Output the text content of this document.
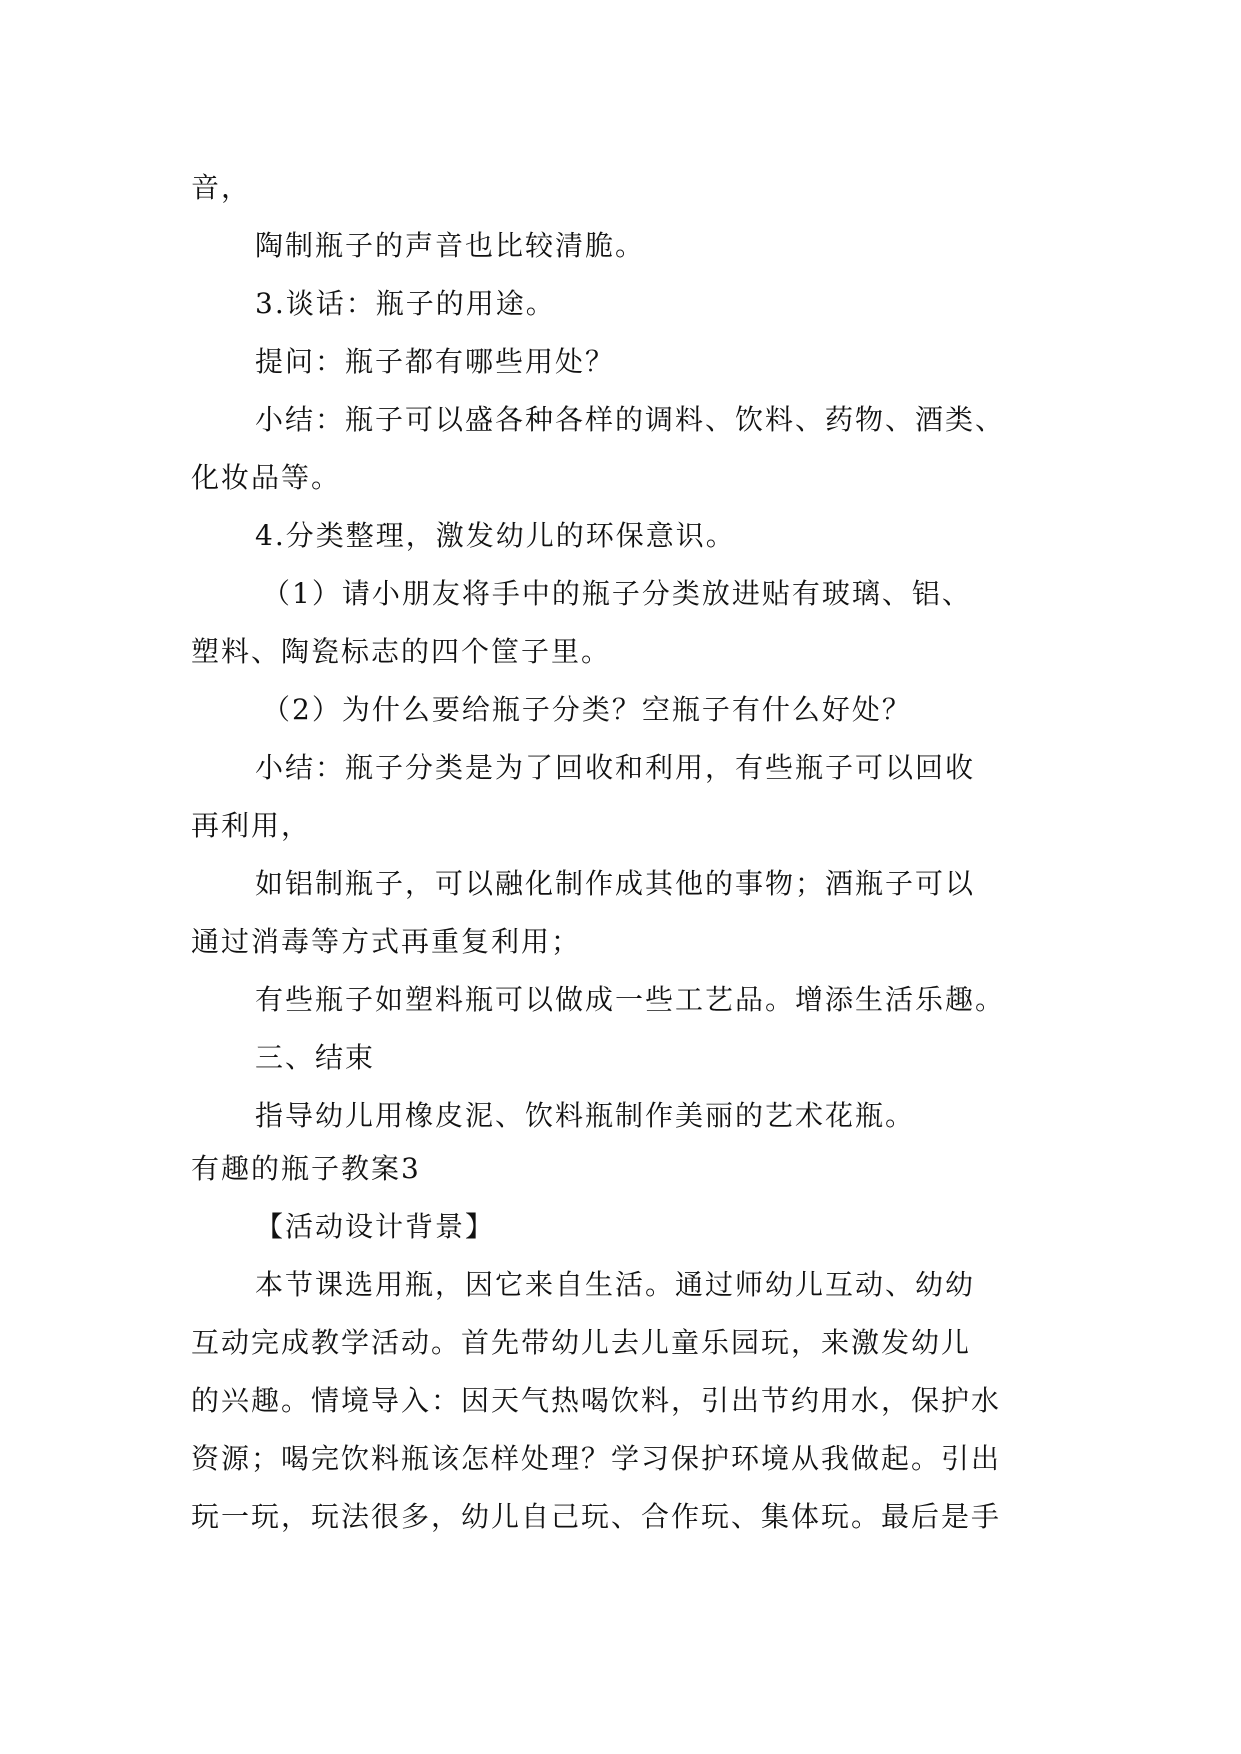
音，
陶制瓶子的声音也比较清脆。
3.谈话：瓶子的用途。
提问：瓶子都有哪些用处？
小结：瓶子可以盛各种各样的调料、饮料、药物、酒类、
化妆品等。
4.分类整理，激发幼儿的环保意识。
（1）请小朋友将手中的瓶子分类放进贴有玻璃、铝、
塑料、陶瓷标志的四个筐子里。
（2）为什么要给瓶子分类？空瓶子有什么好处？
小结：瓶子分类是为了回收和利用，有些瓶子可以回收
再利用，
如铝制瓶子，可以融化制作成其他的事物；酒瓶子可以
通过消毒等方式再重复利用；
有些瓶子如塑料瓶可以做成一些工艺品。增添生活乐趣。
三、结束
指导幼儿用橡皮泥、饮料瓶制作美丽的艺术花瓶。
有趣的瓶子教案3
【活动设计背景】
本节课选用瓶，因它来自生活。通过师幼儿互动、幼幼
互动完成教学活动。首先带幼儿去儿童乐园玩，来激发幼儿
的兴趣。情境导入：因天气热喝饮料，引出节约用水，保护水
资源；喝完饮料瓶该怎样处理？学习保护环境从我做起。引出
玩一玩，玩法很多，幼儿自己玩、合作玩、集体玩。最后是手
